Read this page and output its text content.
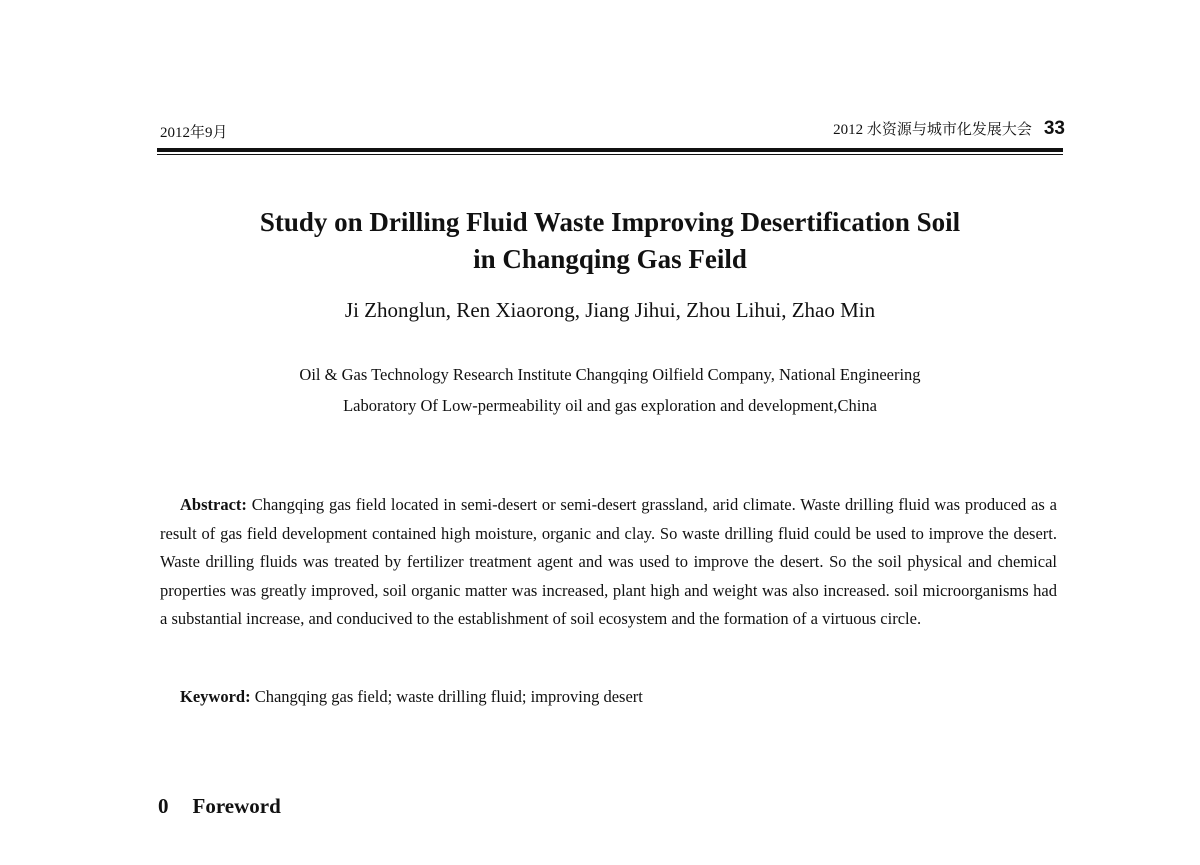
2012年9月	2012 水资源与城市化发展大会 33
Study on Drilling Fluid Waste Improving Desertification Soil
in Changqing Gas Feild
Ji Zhonglun, Ren Xiaorong, Jiang Jihui, Zhou Lihui, Zhao Min
Oil & Gas Technology Research Institute Changqing Oilfield Company, National Engineering
Laboratory Of Low-permeability oil and gas exploration and development,China

Abstract: Changqing gas field located in semi-desert or semi-desert grassland, arid climate. Waste drilling fluid was produced as a result of gas field development contained high moisture, organic and clay. So waste drilling fluid could be used to improve the desert. Waste drilling fluids was treated by fertilizer treatment agent and was used to improve the desert. So the soil physical and chemical properties was greatly improved, soil organic matter was increased, plant high and weight was also increased. soil microorganisms had a substantial increase, and conducived to the establishment of soil ecosystem and the formation of a virtuous circle.

Keyword: Changqing gas field; waste drilling fluid; improving desert
0 Foreword
